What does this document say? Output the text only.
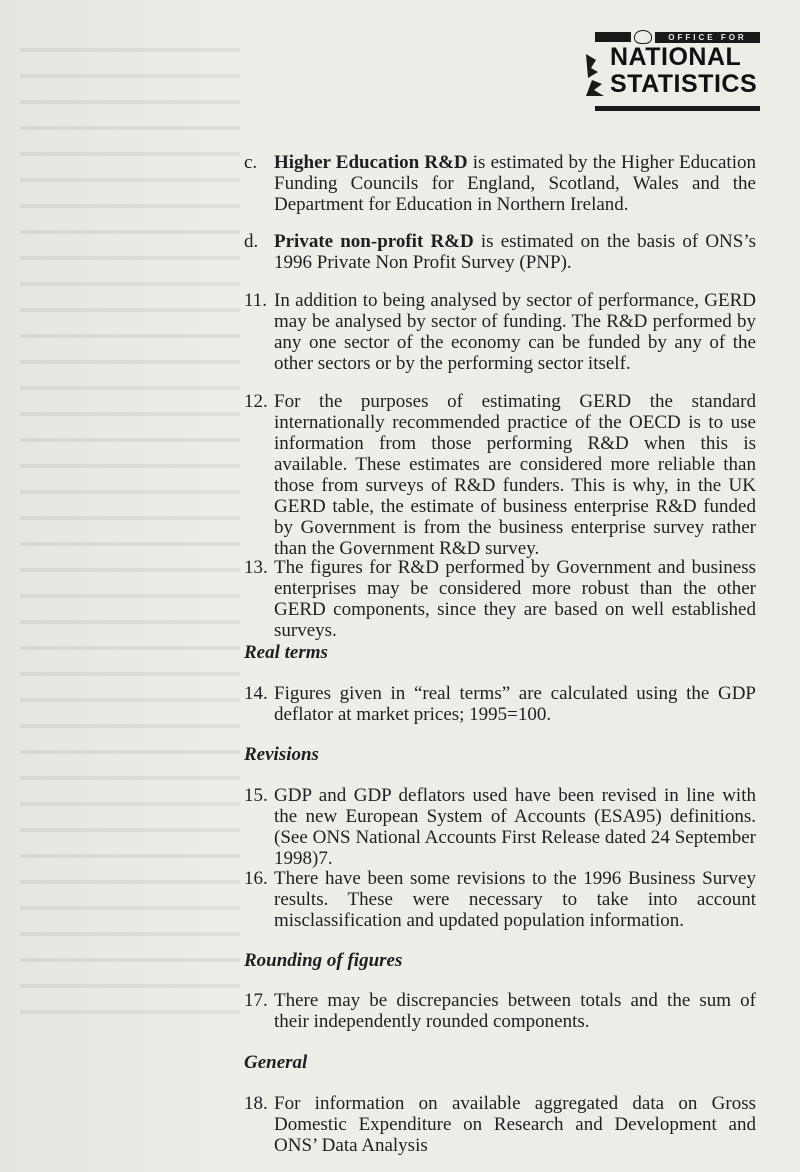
OFFICE FOR
NATIONAL
STATISTICS
c. Higher Education R&D is estimated by the Higher Education Funding Councils for England, Scotland, Wales and the Department for Education in Northern Ireland.
d. Private non-profit R&D is estimated on the basis of ONS’s 1996 Private Non Profit Survey (PNP).
11. In addition to being analysed by sector of performance, GERD may be analysed by sector of funding. The R&D performed by any one sector of the economy can be funded by any of the other sectors or by the performing sector itself.
12. For the purposes of estimating GERD the standard internationally recommended practice of the OECD is to use information from those performing R&D when this is available. These estimates are considered more reliable than those from surveys of R&D funders. This is why, in the UK GERD table, the estimate of business enterprise R&D funded by Government is from the business enterprise survey rather than the Government R&D survey.
13. The figures for R&D performed by Government and business enterprises may be considered more robust than the other GERD components, since they are based on well established surveys.
Real terms
14. Figures given in “real terms” are calculated using the GDP deflator at market prices; 1995=100.
Revisions
15. GDP and GDP deflators used have been revised in line with the new European System of Accounts (ESA95) definitions. (See ONS National Accounts First Release dated 24 September 1998)7.
16. There have been some revisions to the 1996 Business Survey results. These were necessary to take into account misclassification and updated population information.
Rounding of figures
17. There may be discrepancies between totals and the sum of their independently rounded components.
General
18. For information on available aggregated data on Gross Domestic Expenditure on Research and Development and ONS’ Data Analysis
